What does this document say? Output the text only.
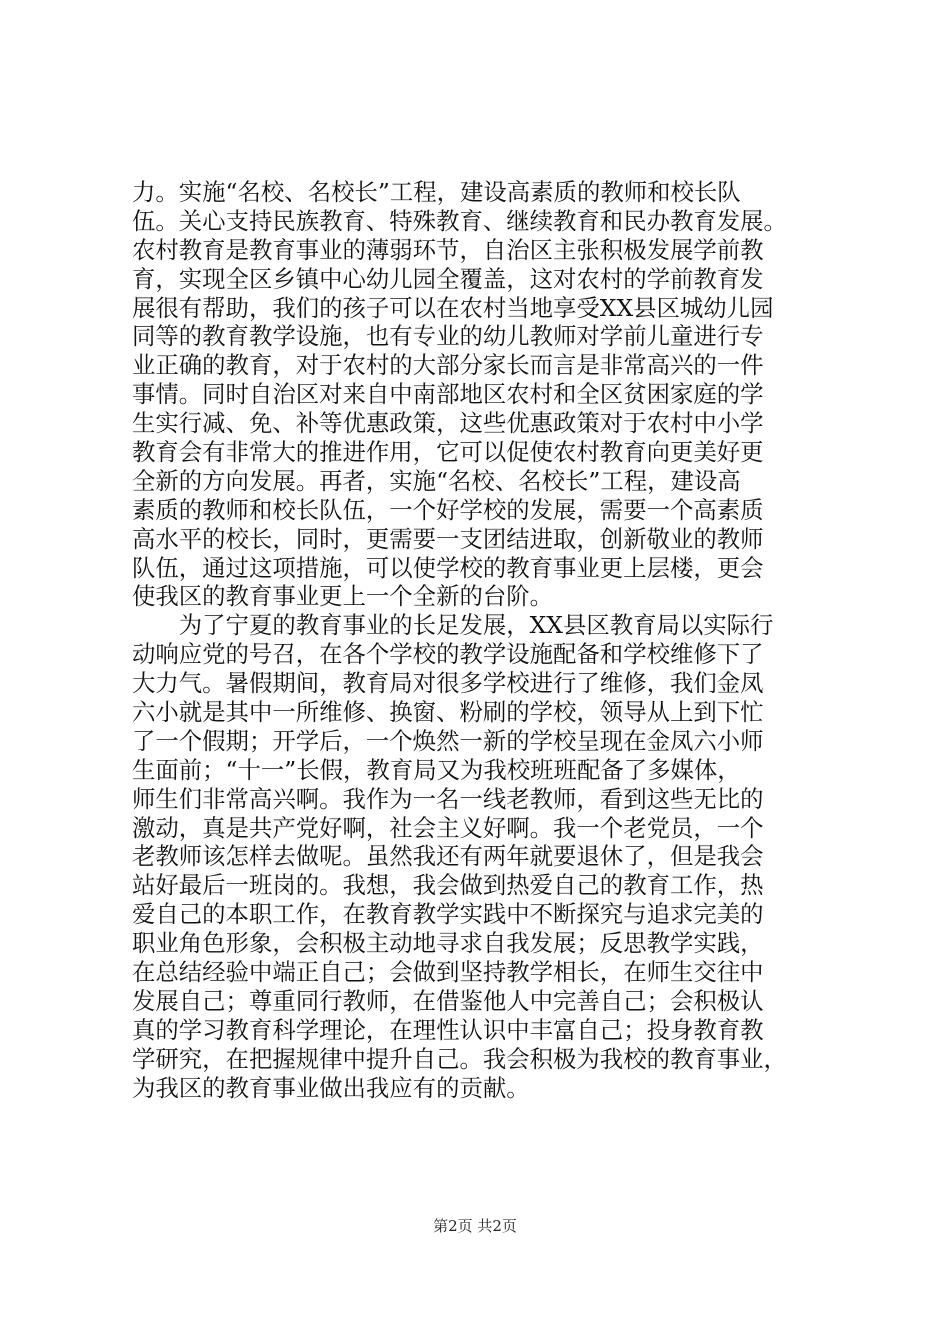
力。实施“名校、名校长”工程，建设高素质的教师和校长队
伍。关心支持民族教育、特殊教育、继续教育和民办教育发展。
农村教育是教育事业的薄弱环节，自治区主张积极发展学前教
育，实现全区乡镇中心幼儿园全覆盖，这对农村的学前教育发
展很有帮助，我们的孩子可以在农村当地享受XX县区城幼儿园
同等的教育教学设施，也有专业的幼儿教师对学前儿童进行专
业正确的教育，对于农村的大部分家长而言是非常高兴的一件
事情。同时自治区对来自中南部地区农村和全区贫困家庭的学
生实行减、免、补等优惠政策，这些优惠政策对于农村中小学
教育会有非常大的推进作用，它可以促使农村教育向更美好更
全新的方向发展。再者，实施“名校、名校长”工程，建设高
素质的教师和校长队伍，一个好学校的发展，需要一个高素质
高水平的校长，同时，更需要一支团结进取，创新敬业的教师
队伍，通过这项措施，可以使学校的教育事业更上层楼，更会
使我区的教育事业更上一个全新的台阶。
　　为了宁夏的教育事业的长足发展，XX县区教育局以实际行
动响应党的号召，在各个学校的教学设施配备和学校维修下了
大力气。暑假期间，教育局对很多学校进行了维修，我们金凤
六小就是其中一所维修、换窗、粉刷的学校，领导从上到下忙
了一个假期；开学后，一个焕然一新的学校呈现在金凤六小师
生面前；“十一”长假，教育局又为我校班班配备了多媒体，
师生们非常高兴啊。我作为一名一线老教师，看到这些无比的
激动，真是共产党好啊，社会主义好啊。我一个老党员，一个
老教师该怎样去做呢。虽然我还有两年就要退休了，但是我会
站好最后一班岗的。我想，我会做到热爱自己的教育工作，热
爱自己的本职工作，在教育教学实践中不断探究与追求完美的
职业角色形象，会积极主动地寻求自我发展；反思教学实践，
在总结经验中端正自己；会做到坚持教学相长，在师生交往中
发展自己；尊重同行教师，在借鉴他人中完善自己；会积极认
真的学习教育科学理论，在理性认识中丰富自己；投身教育教
学研究，在把握规律中提升自己。我会积极为我校的教育事业，
为我区的教育事业做出我应有的贡献。
第2页 共2页
